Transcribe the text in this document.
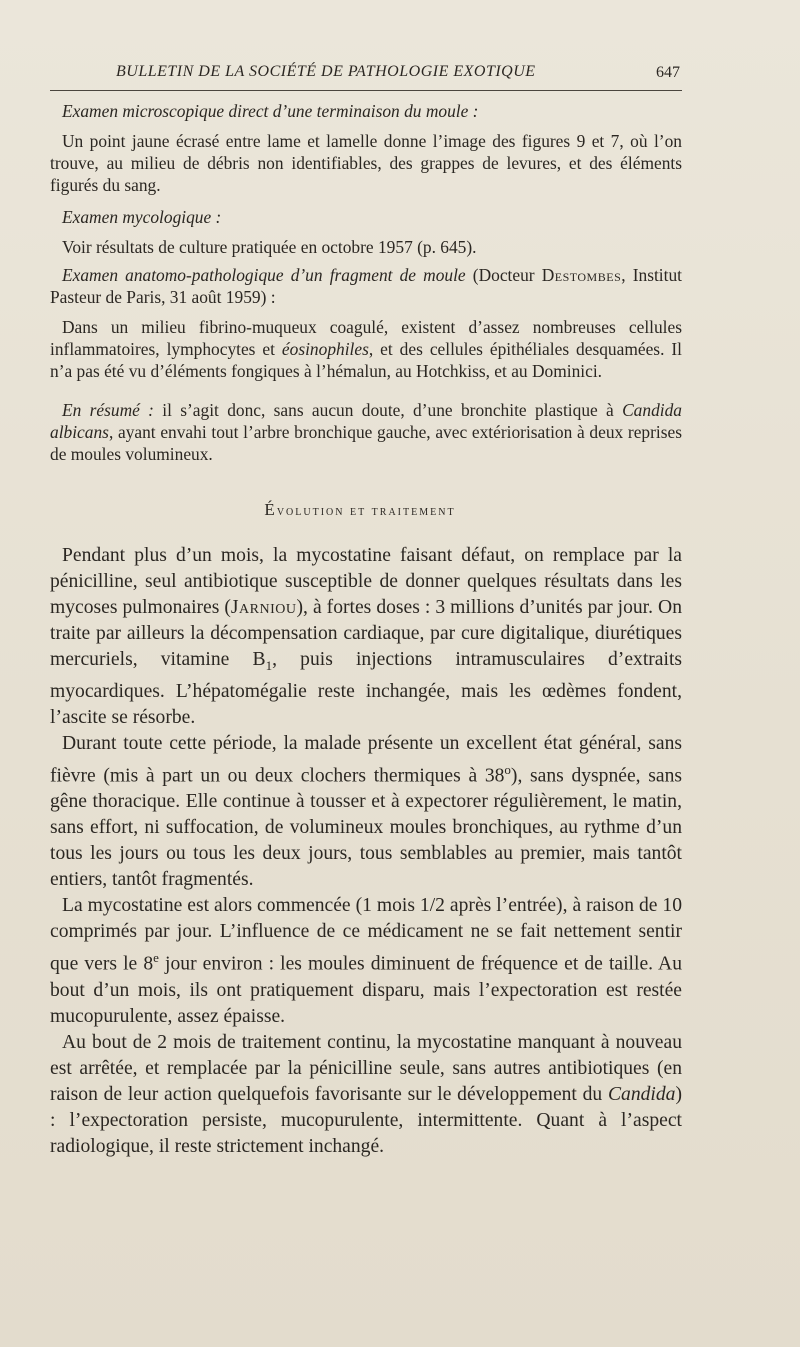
BULLETIN DE LA SOCIÉTÉ DE PATHOLOGIE EXOTIQUE	647

Examen microscopique direct d’une terminaison du moule :

Un point jaune écrasé entre lame et lamelle donne l’image des figures 9 et 7, où l’on trouve, au milieu de débris non identifiables, des grappes de levures, et des éléments figurés du sang.

Examen mycologique :

Voir résultats de culture pratiquée en octobre 1957 (p. 645).

Examen anatomo-pathologique d’un fragment de moule (Docteur Destombes, Institut Pasteur de Paris, 31 août 1959) :

Dans un milieu fibrino-muqueux coagulé, existent d’assez nombreuses cellules inflammatoires, lymphocytes et éosinophiles, et des cellules épithéliales desquamées. Il n’a pas été vu d’éléments fongiques à l’hémalun, au Hotchkiss, et au Dominici.

En résumé : il s’agit donc, sans aucun doute, d’une bronchite plastique à Candida albicans, ayant envahi tout l’arbre bronchique gauche, avec extériorisation à deux reprises de moules volumineux.

Évolution et traitement

Pendant plus d’un mois, la mycostatine faisant défaut, on remplace par la pénicilline, seul antibiotique susceptible de donner quelques résultats dans les mycoses pulmonaires (Jarniou), à fortes doses : 3 millions d’unités par jour. On traite par ailleurs la décompensation cardiaque, par cure digitalique, diurétiques mercuriels, vitamine $B_1$, puis injections intramusculaires d’extraits myocardiques. L’hépatomégalie reste inchangée, mais les œdèmes fondent, l’ascite se résorbe.

Durant toute cette période, la malade présente un excellent état général, sans fièvre (mis à part un ou deux clochers thermiques à 38$^o$), sans dyspnée, sans gêne thoracique. Elle continue à tousser et à expectorer régulièrement, le matin, sans effort, ni suffocation, de volumineux moules bronchiques, au rythme d’un tous les jours ou tous les deux jours, tous semblables au premier, mais tantôt entiers, tantôt fragmentés.

La mycostatine est alors commencée (1 mois 1/2 après l’entrée), à raison de 10 comprimés par jour. L’influence de ce médicament ne se fait nettement sentir que vers le 8e jour environ : les moules diminuent de fréquence et de taille. Au bout d’un mois, ils ont pratiquement disparu, mais l’expectoration est restée mucopurulente, assez épaisse.

Au bout de 2 mois de traitement continu, la mycostatine manquant à nouveau est arrêtée, et remplacée par la pénicilline seule, sans autres antibiotiques (en raison de leur action quelquefois favorisante sur le développement du Candida) : l’expectoration persiste, mucopurulente, intermittente. Quant à l’aspect radiologique, il reste strictement inchangé.
